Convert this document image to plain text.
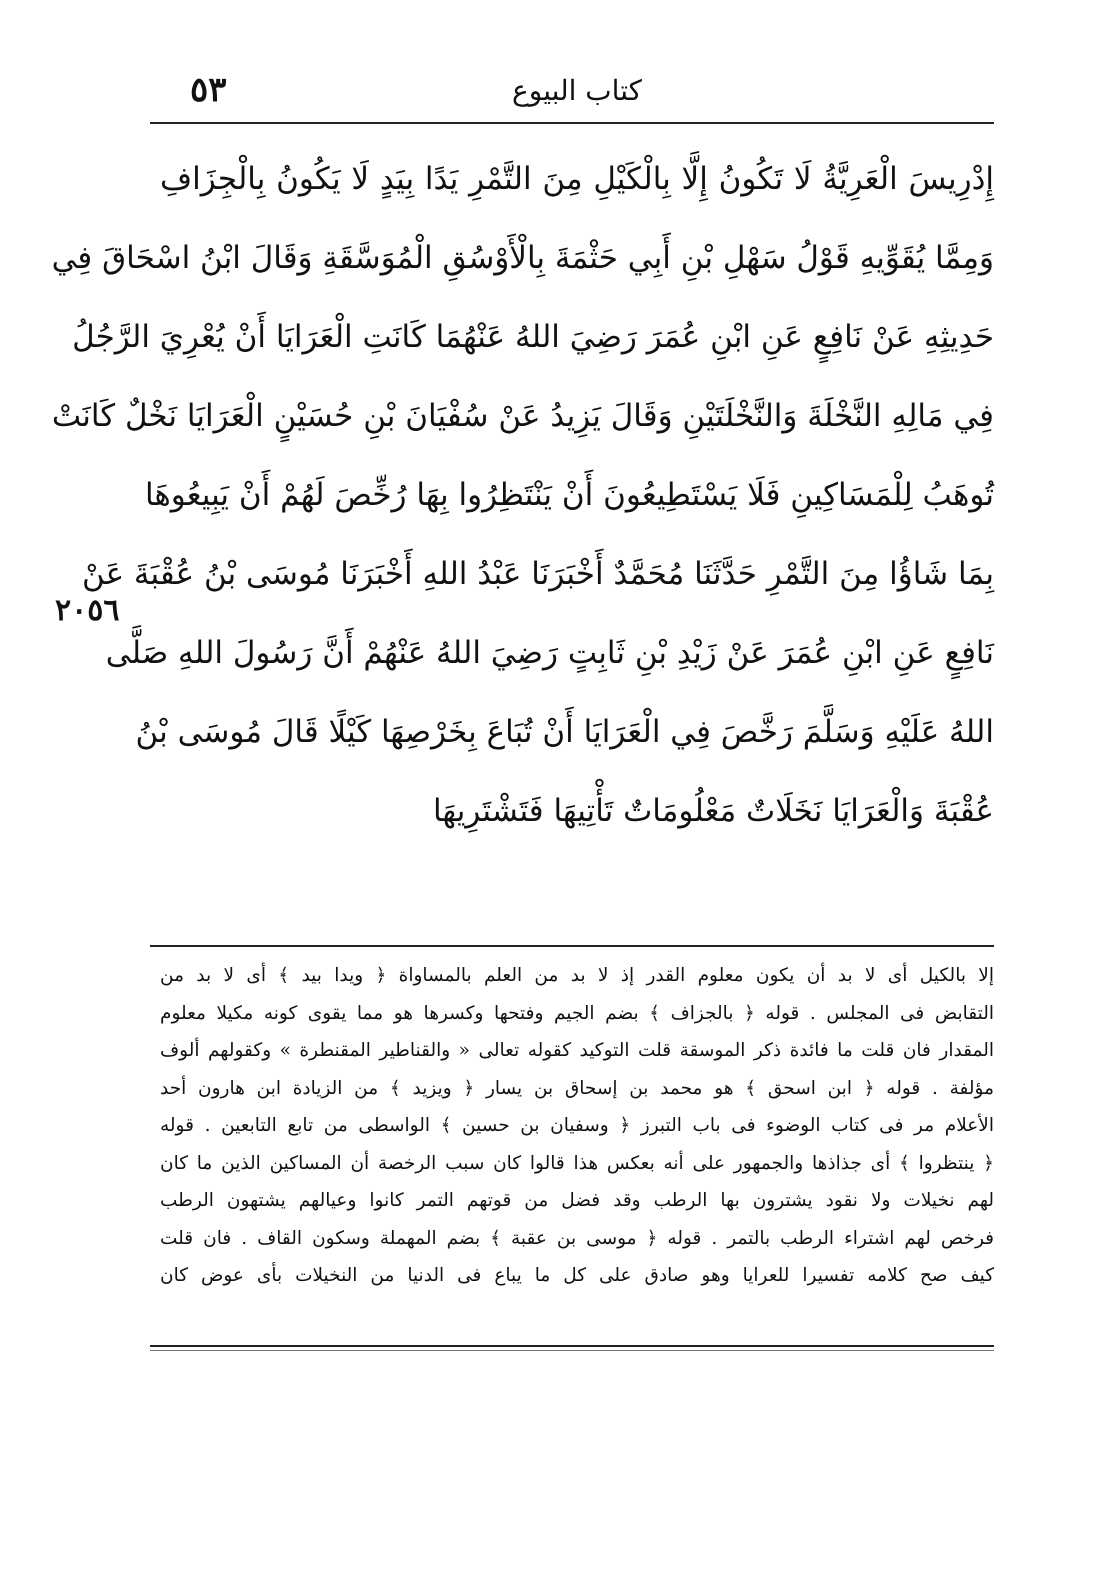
٥٣	كتاب البيوع
٢٠٥٦
إِدْرِيسَ الْعَرِيَّةُ لَا تَكُونُ إِلَّا بِالْكَيْلِ مِنَ التَّمْرِ يَدًا بِيَدٍ لَا يَكُونُ بِالْجِزَافِ
وَمِمَّا يُقَوِّيهِ قَوْلُ سَهْلِ بْنِ أَبِي حَثْمَةَ بِالْأَوْسُقِ الْمُوَسَّقَةِ وَقَالَ ابْنُ اسْحَاقَ فِي
حَدِيثِهِ عَنْ نَافِعٍ عَنِ ابْنِ عُمَرَ رَضِيَ اللهُ عَنْهُمَا كَانَتِ الْعَرَايَا أَنْ يُعْرِيَ الرَّجُلُ
فِي مَالِهِ النَّخْلَةَ وَالنَّخْلَتَيْنِ وَقَالَ يَزِيدُ عَنْ سُفْيَانَ بْنِ حُسَيْنٍ الْعَرَايَا نَخْلٌ كَانَتْ
تُوهَبُ لِلْمَسَاكِينِ فَلَا يَسْتَطِيعُونَ أَنْ يَنْتَظِرُوا بِهَا رُخِّصَ لَهُمْ أَنْ يَبِيعُوهَا
بِمَا شَاؤُا مِنَ التَّمْرِ حَدَّثَنَا مُحَمَّدٌ أَخْبَرَنَا عَبْدُ اللهِ أَخْبَرَنَا مُوسَى بْنُ عُقْبَةَ عَنْ
نَافِعٍ عَنِ ابْنِ عُمَرَ عَنْ زَيْدِ بْنِ ثَابِتٍ رَضِيَ اللهُ عَنْهُمْ أَنَّ رَسُولَ اللهِ صَلَّى
اللهُ عَلَيْهِ وَسَلَّمَ رَخَّصَ فِي الْعَرَايَا أَنْ تُبَاعَ بِخَرْصِهَا كَيْلًا قَالَ مُوسَى بْنُ
عُقْبَةَ وَالْعَرَايَا نَخَلَاتٌ مَعْلُومَاتٌ تَأْتِيهَا فَتَشْتَرِيهَا
إلا بالكيل أى لا بد أن يكون معلوم القدر إذ لا بد من العلم بالمساواة ﴿ ويدا بيد ﴾ أى لا بد من
التقابض فى المجلس . قوله ﴿ بالجزاف ﴾ بضم الجيم وفتحها وكسرها هو مما يقوى كونه مكيلا معلوم
المقدار فان قلت ما فائدة ذكر الموسقة قلت التوكيد كقوله تعالى « والقناطير المقنطرة » وكقولهم ألوف
مؤلفة . قوله ﴿ ابن اسحق ﴾ هو محمد بن إسحاق بن يسار ﴿ ويزيد ﴾ من الزيادة ابن هارون أحد
الأعلام مر فى كتاب الوضوء فى باب التبرز ﴿ وسفيان بن حسين ﴾ الواسطى من تابع التابعين . قوله
﴿ ينتظروا ﴾ أى جذاذها والجمهور على أنه بعكس هذا قالوا كان سبب الرخصة أن المساكين الذين ما كان
لهم نخيلات ولا نقود يشترون بها الرطب وقد فضل من قوتهم التمر كانوا وعيالهم يشتهون الرطب
فرخص لهم اشتراء الرطب بالتمر . قوله ﴿ موسى بن عقبة ﴾ بضم المهملة وسكون القاف . فان قلت
كيف صح كلامه تفسيرا للعرايا وهو صادق على كل ما يباع فى الدنيا من النخيلات بأى عوض كان
